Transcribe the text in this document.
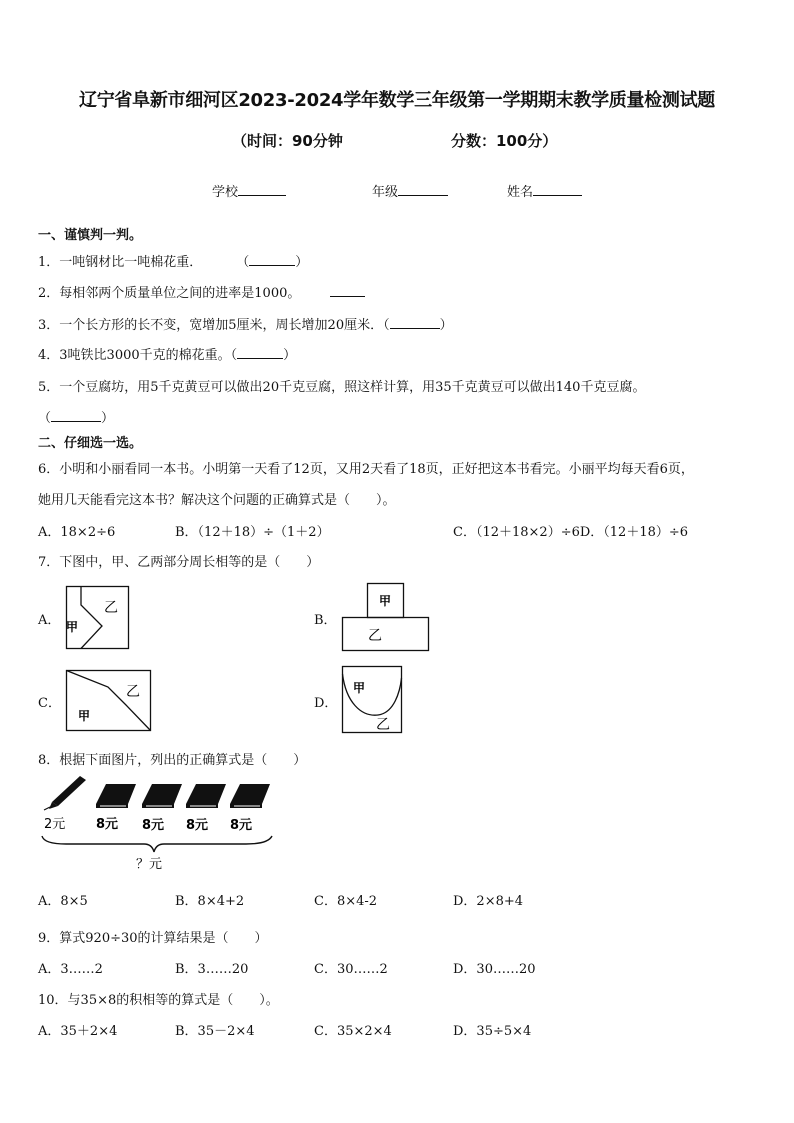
辽宁省阜新市细河区2023-2024学年数学三年级第一学期期末教学质量检测试题
（时间：90分钟	分数：100分）
学校	年级	姓名
一、谨慎判一判。
1．一吨钢材比一吨棉花重．	（	）
2．每相邻两个质量单位之间的进率是1000。
3．一个长方形的长不变，宽增加5厘米，周长增加20厘米．（	）
4．3吨铁比3000千克的棉花重。（	）
5．一个豆腐坊，用5千克黄豆可以做出20千克豆腐，照这样计算，用35千克黄豆可以做出140千克豆腐。
（	）
二、仔细选一选。
6．小明和小丽看同一本书。小明第一天看了12页，又用2天看了18页，正好把这本书看完。小丽平均每天看6页，
她用几天能看完这本书？解决这个问题的正确算式是（　　）。
A．18×2÷6	B．（12＋18）÷（1＋2）	C．（12＋18×2）÷6D．（12＋18）÷6
7．下图中，甲、乙两部分周长相等的是（　　）
A．
乙
甲	B．
甲
乙
C．
乙
甲
D．
甲
乙
8．根据下面图片，列出的正确算式是（　　）
2元 8元 8元 8元 8元
？元
A．8×5	B．8×4+2	C．8×4-2	D．2×8+4
9．算式920÷30的计算结果是（　　）
A．3……2	B．3……20	C．30……2	D．30……20
10．与35×8的积相等的算式是（　　）。
A．35＋2×4	B．35－2×4	C．35×2×4	D．35÷5×4
